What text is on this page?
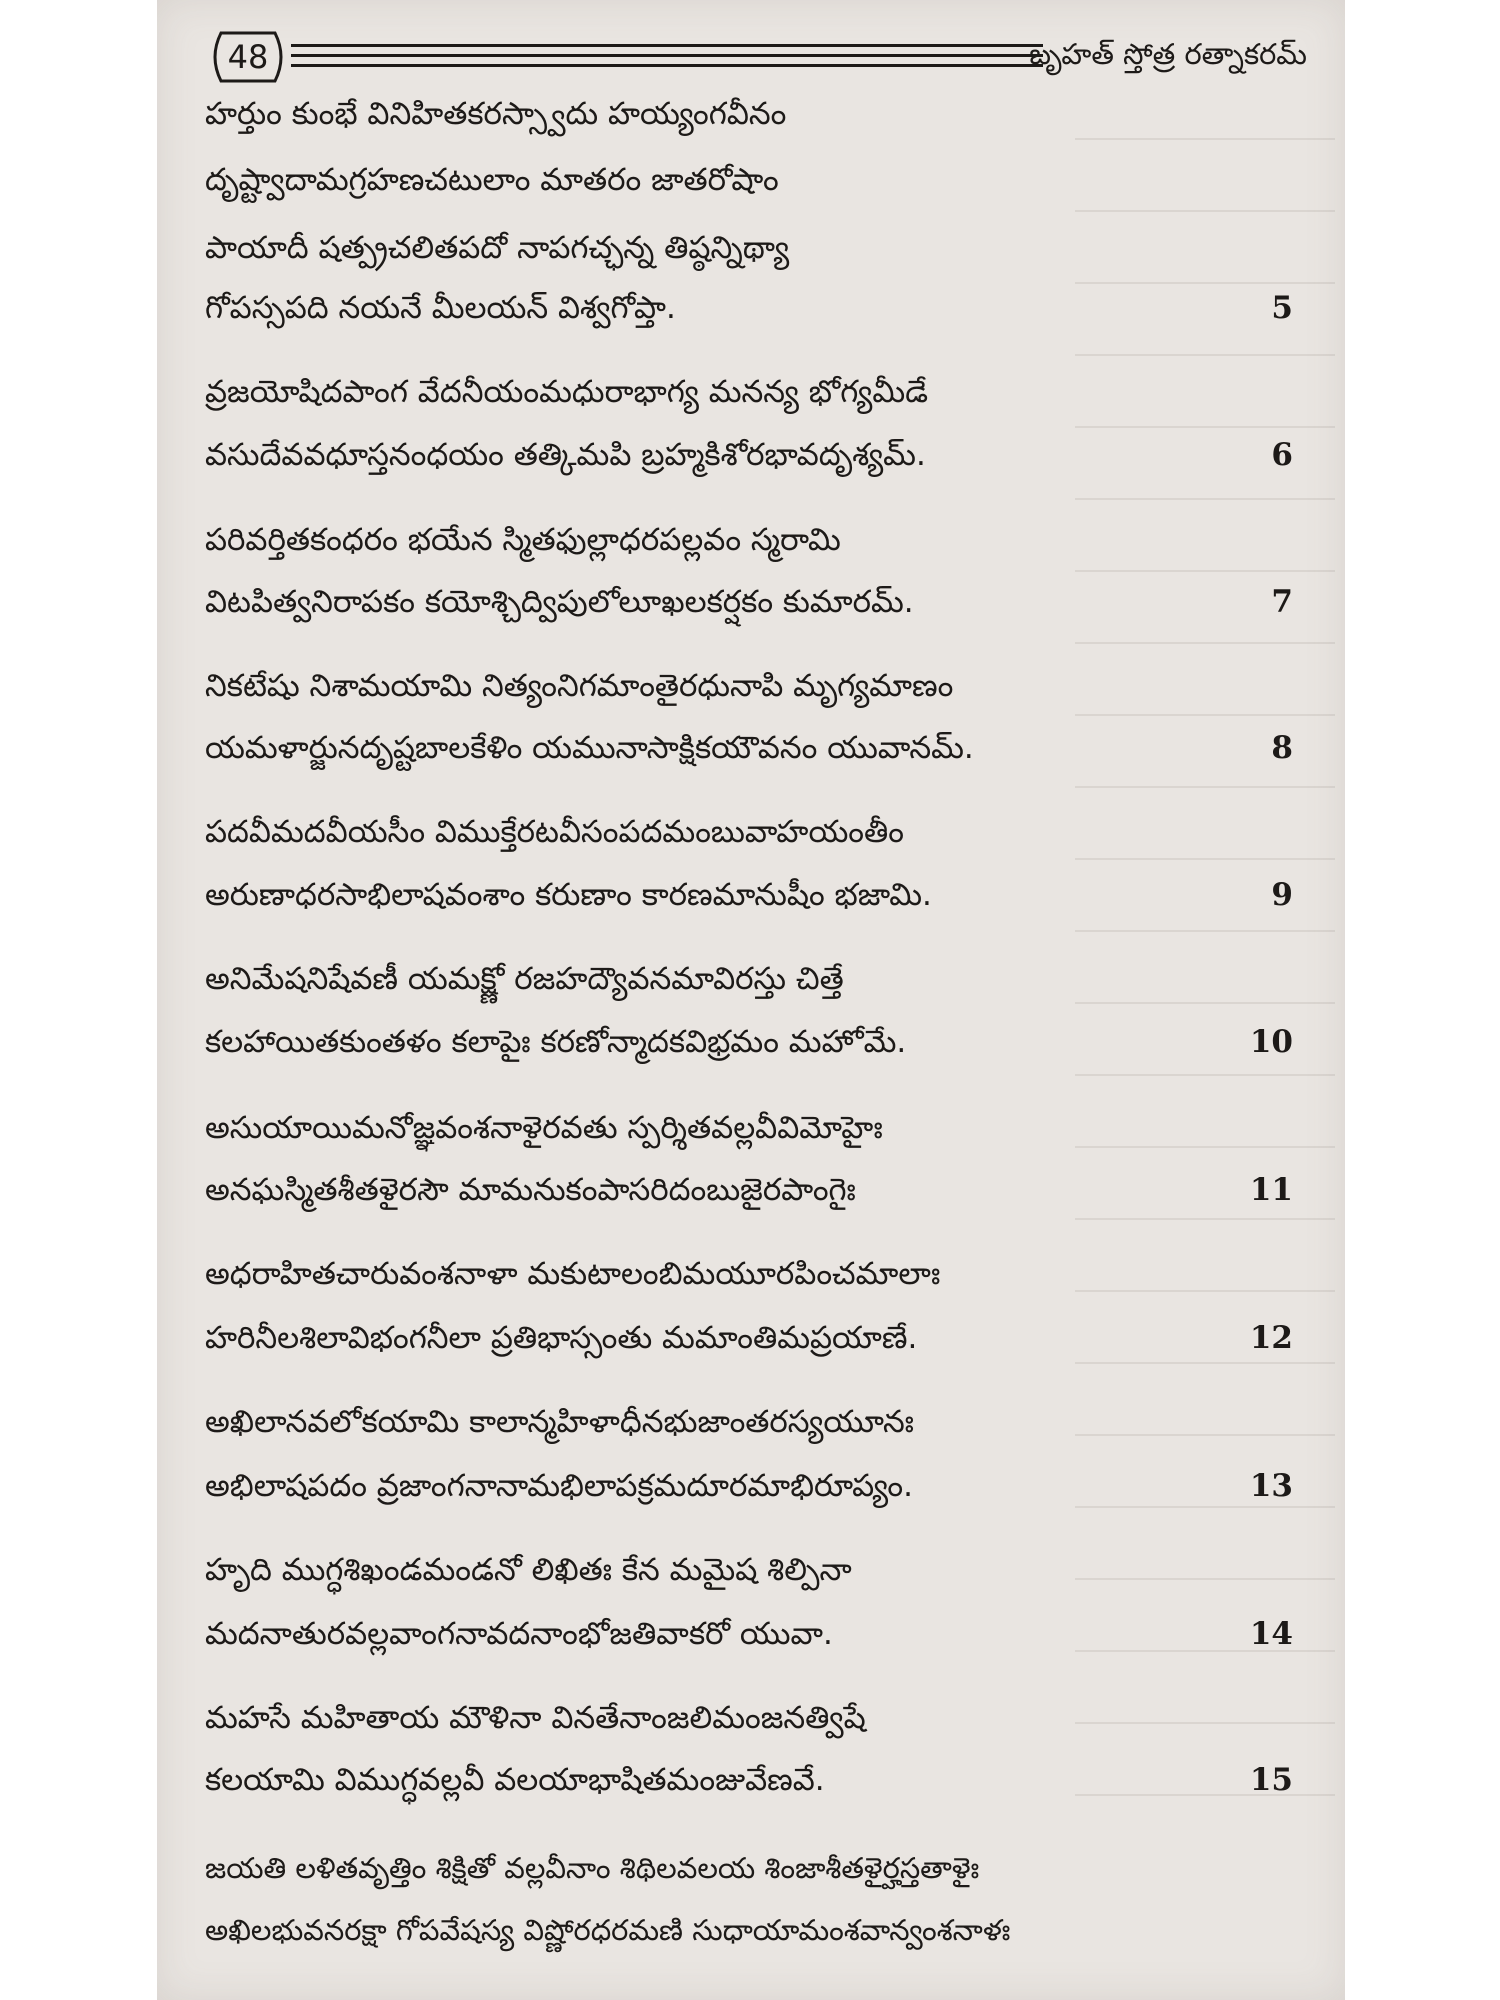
48	బృహత్ స్తోత్ర రత్నాకరమ్
హర్తుం కుంభే వినిహితకరస్స్వాదు హయ్యంగవీనం
దృష్ట్వాదామగ్రహణచటులాం మాతరం జాతరోషాం
పాయాదీ షత్ప్రచలితపదో నాపగచ్ఛన్న తిష్ఠన్నిథ్యా
గోపస్సపది నయనే మీలయన్ విశ్వగోప్తా.	5
వ్రజయోషిదపాంగ వేదనీయంమధురాభాగ్య మనన్య భోగ్యమీడే
వసుదేవవధూస్తనంధయం తత్కిమపి బ్రహ్మకిశోరభావదృశ్యమ్.	6
పరివర్తితకంధరం భయేన స్మితఫుల్లాధరపల్లవం స్మరామి
విటపిత్వనిరాపకం కయోశ్చిద్విపులోలూఖలకర్షకం కుమారమ్.	7
నికటేషు నిశామయామి నిత్యంనిగమాంతైరధునాపి మృగ్యమాణం
యమళార్జునదృష్టబాలకేళిం యమునాసాక్షికయౌవనం యువానమ్.	8
పదవీమదవీయసీం విముక్తేరటవీసంపదమంబువాహయంతీం
అరుణాధరసాభిలాషవంశాం కరుణాం కారణమానుషీం భజామి.	9
అనిమేషనిషేవణీ యమక్ష్ణో రజహద్యౌవనమావిరస్తు చిత్తే
కలహాయితకుంతళం కలాపైః కరణోన్మాదకవిభ్రమం మహోమే.	10
అసుయాయిమనోజ్ఞవంశనాళైరవతు స్పర్శితవల్లవీవిమోహైః
అనఘస్మితశీతళైరసౌ మామనుకంపాసరిదంబుజైరపాంగైః	11
అధరాహితచారువంశనాళా మకుటాలంబిమయూరపించమాలాః
హరినీలశిలావిభంగనీలా ప్రతిభాస్సంతు మమాంతిమప్రయాణే.	12
అఖిలానవలోకయామి కాలాన్మహిళాధీనభుజాంతరస్యయూనః
అభిలాషపదం వ్రజాంగనానామభిలాపక్రమదూరమాభిరూప్యం.	13
హృది ముగ్ధశిఖండమండనో లిఖితః కేన మమైష శిల్పినా
మదనాతురవల్లవాంగనావదనాంభోజతివాకరో యువా.	14
మహసే మహితాయ మౌళినా వినతేనాంజలిమంజనత్విషే
కలయామి విముగ్ధవల్లవీ వలయాభాషితమంజువేణవే.	15
జయతి లళితవృత్తిం శిక్షితో వల్లవీనాం శిథిలవలయ శింజాశీతళైర్హస్తతాళైః
అఖిలభువనరక్షా గోపవేషస్య విష్ణోరధరమణి సుధాయామంశవాన్వంశనాళః
